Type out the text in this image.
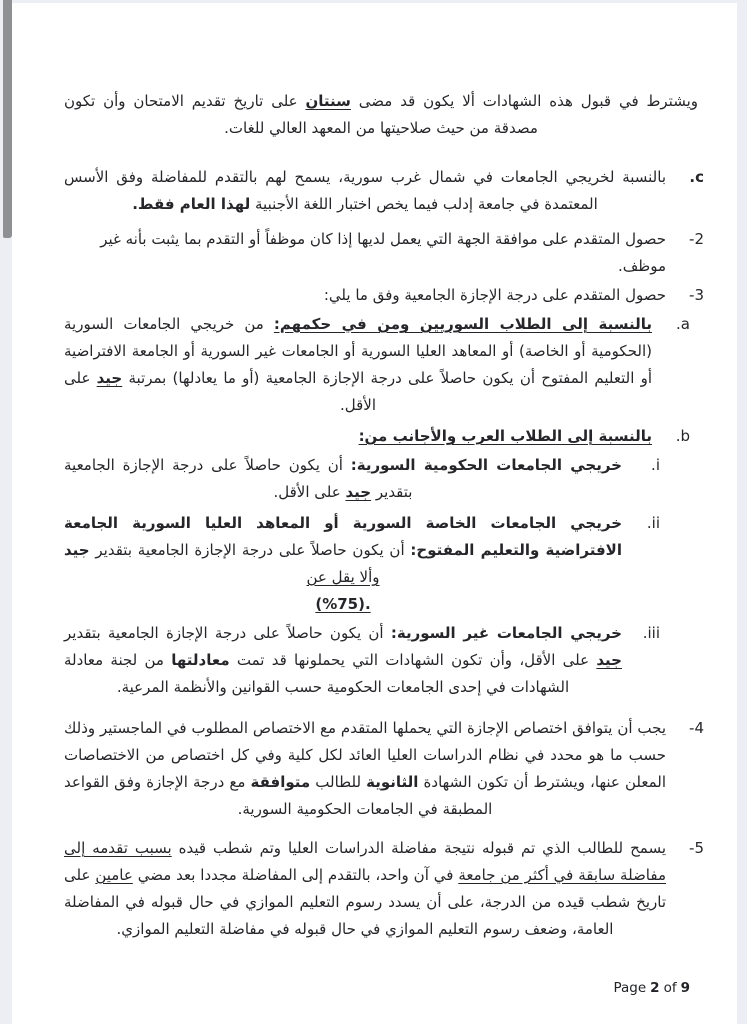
ويشترط في قبول هذه الشهادات ألا يكون قد مضى سنتان على تاريخ تقديم الامتحان وأن تكون مصدقة من حيث صلاحيتها من المعهد العالي للغات.
c.
بالنسبة لخريجي الجامعات في شمال غرب سورية، يسمح لهم بالتقدم للمفاضلة وفق الأسس المعتمدة في جامعة إدلب فيما يخص اختبار اللغة الأجنبية لهذا العام فقط.
2-
حصول المتقدم على موافقة الجهة التي يعمل لديها إذا كان موظفاً أو التقدم بما يثبت بأنه غير موظف.
3-
حصول المتقدم على درجة الإجازة الجامعية وفق ما يلي:
a.
بالنسبة إلى الطلاب السوريين ومن في حكمهم: من خريجي الجامعات السورية (الحكومية أو الخاصة) أو المعاهد العليا السورية أو الجامعات غير السورية أو الجامعة الافتراضية أو التعليم المفتوح أن يكون حاصلاً على درجة الإجازة الجامعية (أو ما يعادلها) بمرتبة جيد على الأقل.
b.
بالنسبة إلى الطلاب العرب والأجانب من:
i.
خريجي الجامعات الحكومية السورية: أن يكون حاصلاً على درجة الإجازة الجامعية بتقدير جيد على الأقل.
ii.
خريجي الجامعات الخاصة السورية أو المعاهد العليا السورية الجامعة الافتراضية والتعليم المفتوح: أن يكون حاصلاً على درجة الإجازة الجامعية بتقدير جيد وألا يقل عن
(%75).
iii.
خريجي الجامعات غير السورية: أن يكون حاصلاً على درجة الإجازة الجامعية بتقدير جيد على الأقل، وأن تكون الشهادات التي يحملونها قد تمت معادلتها من لجنة معادلة الشهادات في إحدى الجامعات الحكومية حسب القوانين والأنظمة المرعية.
4-
يجب أن يتوافق اختصاص الإجازة التي يحملها المتقدم مع الاختصاص المطلوب في الماجستير وذلك حسب ما هو محدد في نظام الدراسات العليا العائد لكل كلية وفي كل اختصاص من الاختصاصات المعلن عنها، ويشترط أن تكون الشهادة الثانوية للطالب متوافقة مع درجة الإجازة وفق القواعد المطبقة في الجامعات الحكومية السورية.
5-
يسمح للطالب الذي تم قبوله نتيجة مفاضلة الدراسات العليا وتم شطب قيده بسبب تقدمه إلى مفاضلة سابقة في أكثر من جامعة في آن واحد، بالتقدم إلى المفاضلة مجددا بعد مضي عامين على تاريخ شطب قيده من الدرجة، على أن يسدد رسوم التعليم الموازي في حال قبوله في المفاضلة العامة، وضعف رسوم التعليم الموازي في حال قبوله في مفاضلة التعليم الموازي.
Page 2 of 9
